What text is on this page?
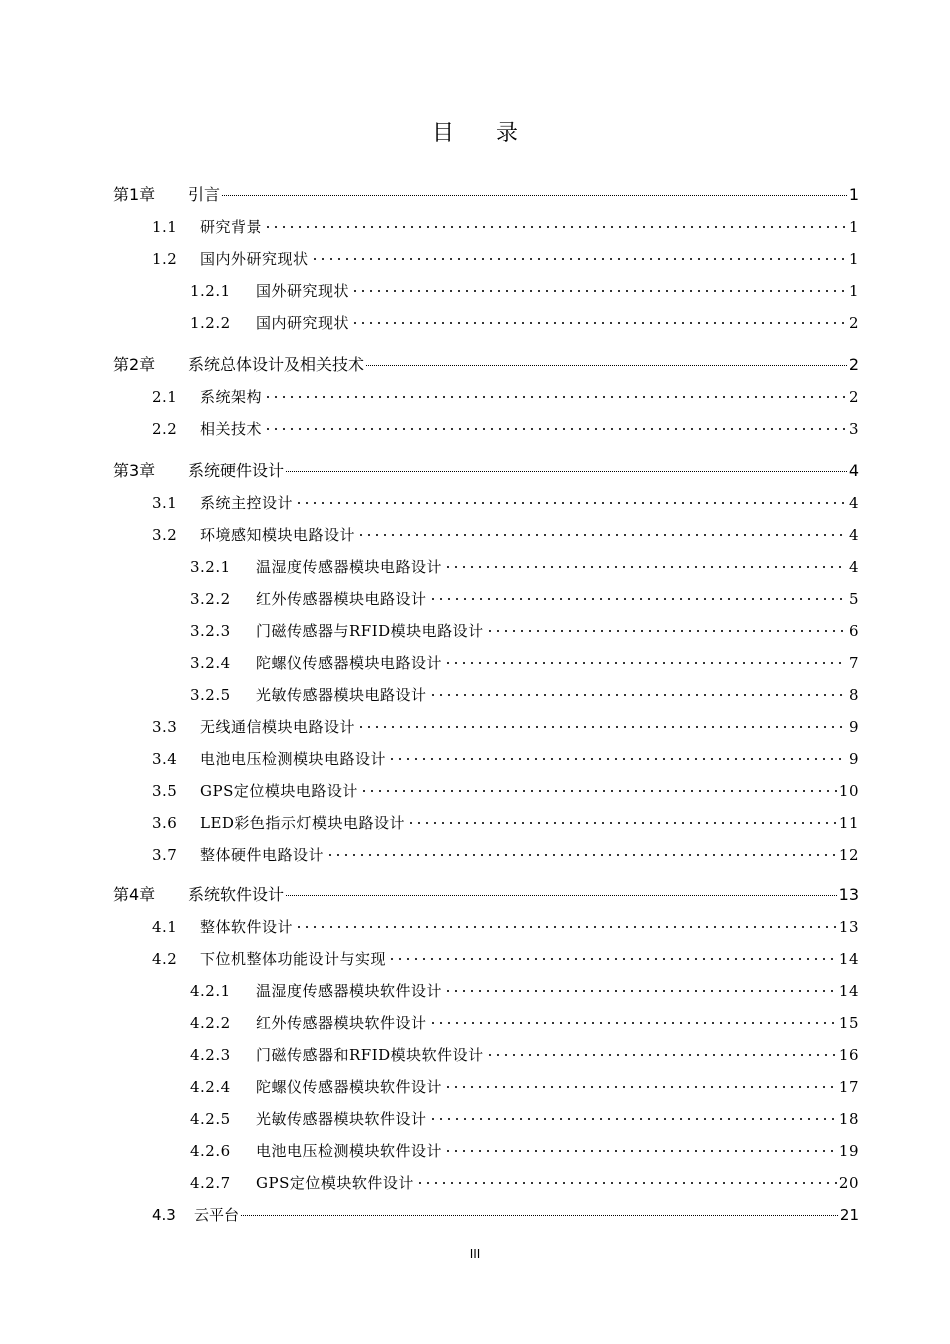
目录
第1章	引言	1
1.1	研究背景	1
1.2	国内外研究现状	1
1.2.1	国外研究现状	1
1.2.2	国内研究现状	2
第2章	系统总体设计及相关技术	2
2.1	系统架构	2
2.2	相关技术	3
第3章	系统硬件设计	4
3.1	系统主控设计	4
3.2	环境感知模块电路设计	4
3.2.1	温湿度传感器模块电路设计	4
3.2.2	红外传感器模块电路设计	5
3.2.3	门磁传感器与RFID模块电路设计	6
3.2.4	陀螺仪传感器模块电路设计	7
3.2.5	光敏传感器模块电路设计	8
3.3	无线通信模块电路设计	9
3.4	电池电压检测模块电路设计	9
3.5	GPS定位模块电路设计	10
3.6	LED彩色指示灯模块电路设计	11
3.7	整体硬件电路设计	12
第4章	系统软件设计	13
4.1	整体软件设计	13
4.2	下位机整体功能设计与实现	14
4.2.1	温湿度传感器模块软件设计	14
4.2.2	红外传感器模块软件设计	15
4.2.3	门磁传感器和RFID模块软件设计	16
4.2.4	陀螺仪传感器模块软件设计	17
4.2.5	光敏传感器模块软件设计	18
4.2.6	电池电压检测模块软件设计	19
4.2.7	GPS定位模块软件设计	20
4.3	云平台	21
III
